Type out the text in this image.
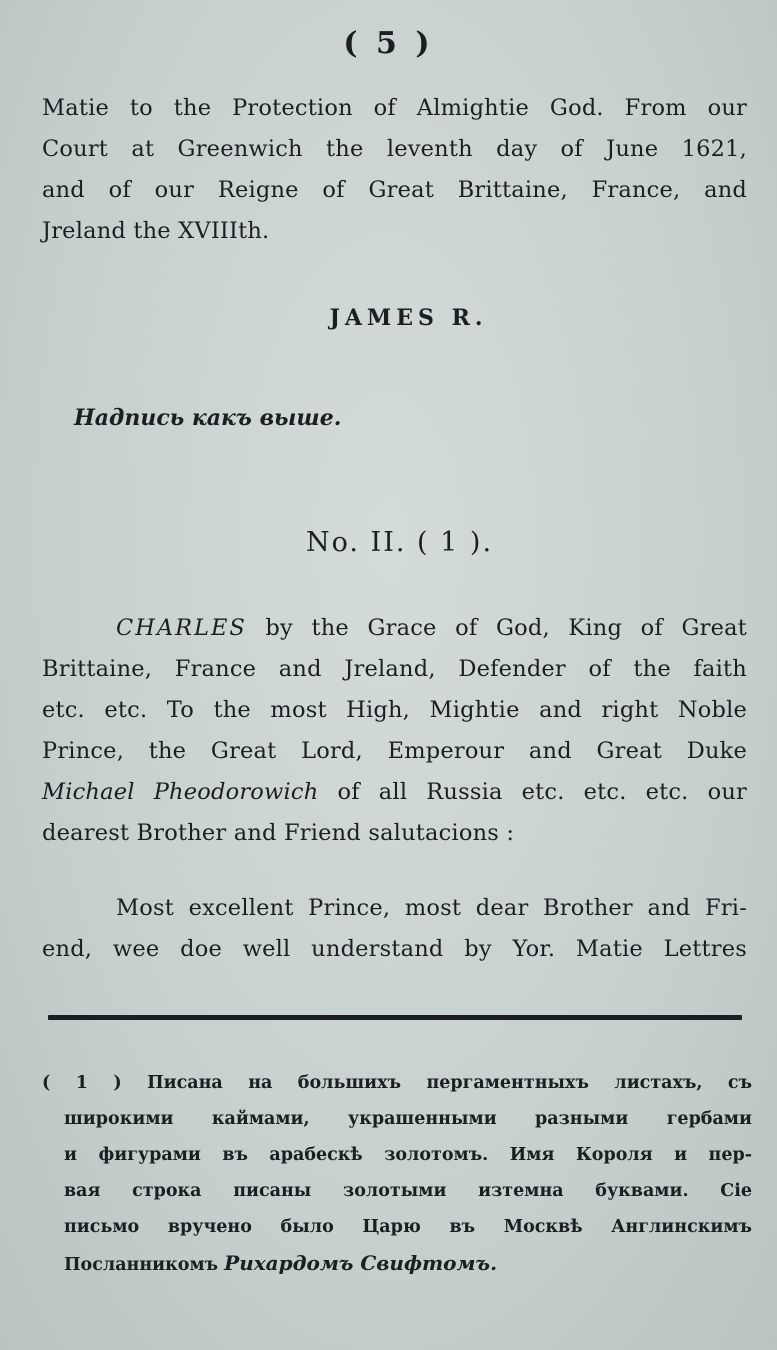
( 5 )
Matie to the Protection of Almightie God. From our
Court at Greenwich the leventh day of June 1621,
and of our Reigne of Great Brittaine, France, and
Jreland the XVIIIth.
JAMES R.
Надпись какъ выше.
No. II. ( 1 ).
CHARLES by the Grace of God, King of Great
Brittaine, France and Jreland, Defender of the faith
etc. etc. To the most High, Mightie and right Noble
Prince, the Great Lord, Emperour and Great Duke
Michael Pheodorowich of all Russia etc. etc. etc. our
dearest Brother and Friend salutacions :
Most excellent Prince, most dear Brother and Fri-
end, wee doe well understand by Yor. Matie Lettres
( 1 ) Писана на большихъ пергаментныхъ листахъ, съ
широкими каймами, украшенными разными гербами
и фигурами въ арабескѣ золотомъ. Имя Короля и пер-
вая строка писаны золотыми изтемна буквами. Сіе
письмо вручено было Царю въ Москвѣ Англинскимъ
Посланникомъ Рихардомъ Свифтомъ.
